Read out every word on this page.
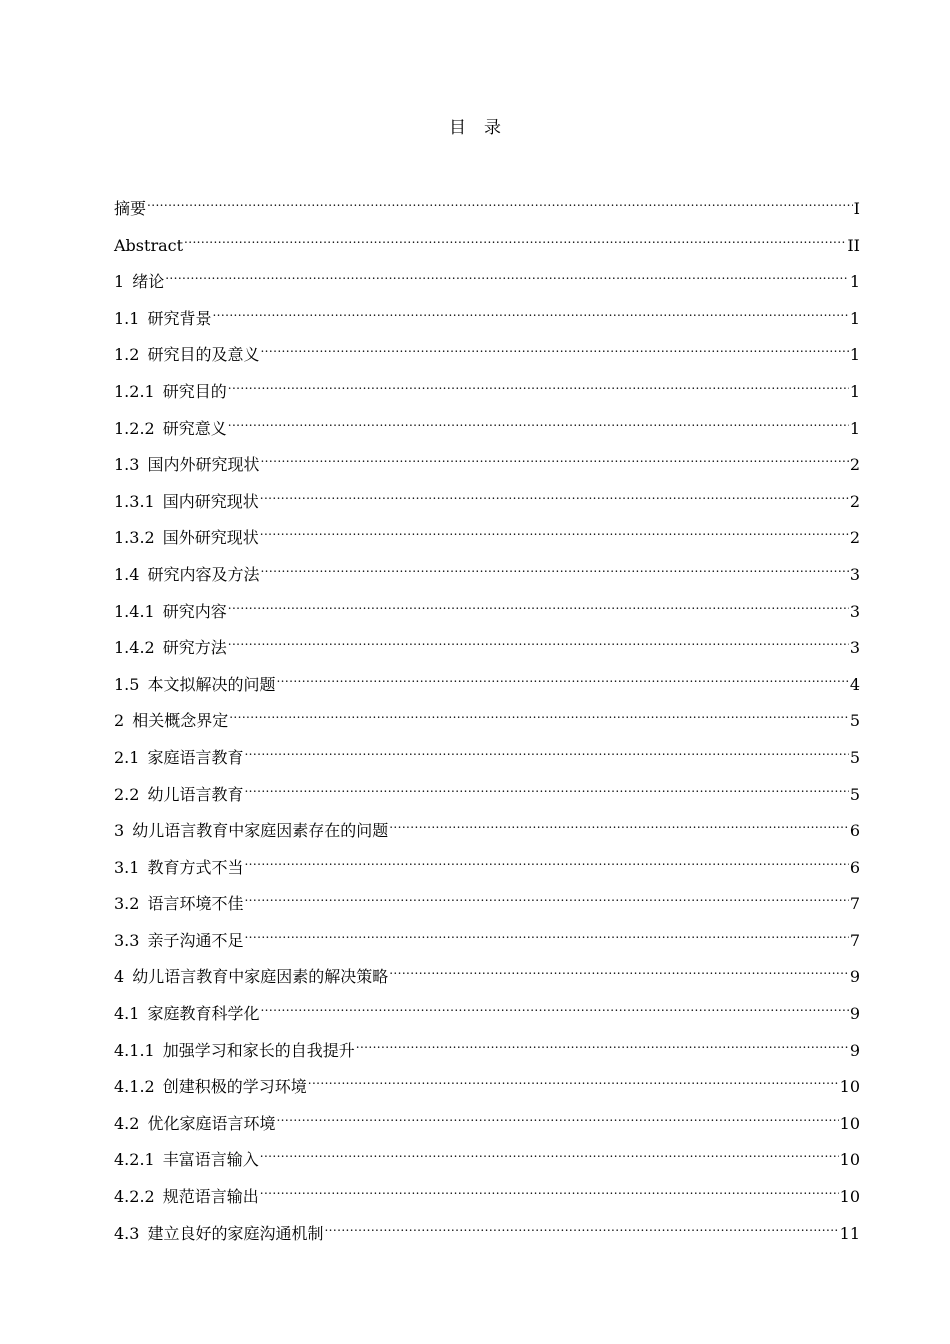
目 录
摘要 .....	I
Abstract .....	II
1 绪论 .....	1
1.1 研究背景 .....	1
1.2 研究目的及意义 .....	1
1.2.1 研究目的 .....	1
1.2.2 研究意义 .....	1
1.3 国内外研究现状 .....	2
1.3.1 国内研究现状 .....	2
1.3.2 国外研究现状 .....	2
1.4 研究内容及方法 .....	3
1.4.1 研究内容 .....	3
1.4.2 研究方法 .....	3
1.5 本文拟解决的问题 .....	4
2 相关概念界定 .....	5
2.1 家庭语言教育 .....	5
2.2 幼儿语言教育 .....	5
3 幼儿语言教育中家庭因素存在的问题 .....	6
3.1 教育方式不当 .....	6
3.2 语言环境不佳 .....	7
3.3 亲子沟通不足 .....	7
4 幼儿语言教育中家庭因素的解决策略 .....	9
4.1 家庭教育科学化 .....	9
4.1.1 加强学习和家长的自我提升 .....	9
4.1.2 创建积极的学习环境 .....	10
4.2 优化家庭语言环境 .....	10
4.2.1 丰富语言输入 .....	10
4.2.2 规范语言输出 .....	10
4.3 建立良好的家庭沟通机制 .....	11
